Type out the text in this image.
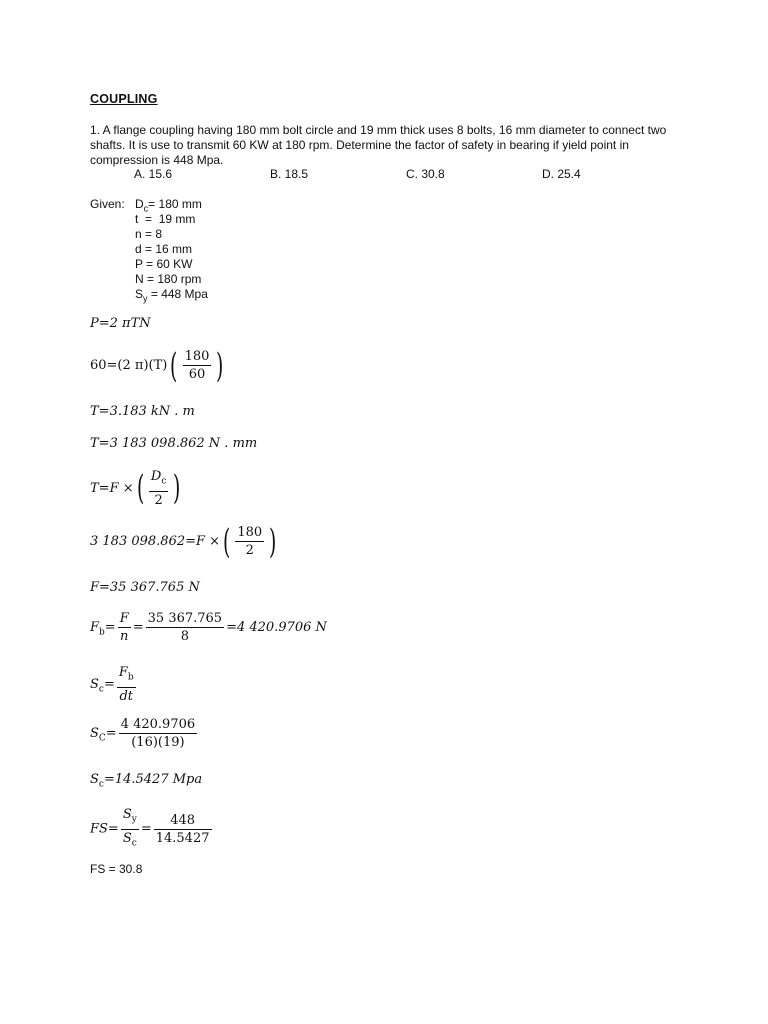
COUPLING
1. A flange coupling having 180 mm bolt circle and 19 mm thick uses 8 bolts, 16 mm diameter to connect two shafts. It is use to transmit 60 KW at 180 rpm. Determine the factor of safety in bearing if yield point in compression is 448 Mpa.
A. 15.6	B. 18.5	C. 30.8	D. 25.4
Given: $D_c= 180$ mm
t  =  19 mm
n = 8
d = 16 mm
P = 60 KW
N = 180 rpm
$S_y = 448$ Mpa
P=2 πTN
60=(2 $\pi)(T)( \frac{180}{60}$ )
T=3.183 kN . m
T=3 183 098.862 N . mm
T=F ×( $\frac{D_c}{2}$ )
3 183 098.862=F ×( $\frac{180}{2}$ )
F=35 367.765 N
$F_b= \frac{F}{n} = \frac{35 367.765}{8} =4$ 420.9706 N
$S_c= \frac{F_b}{dt}$
$S_C= \frac{4 420.9706}{(16)(19)}$
$S_c=14.5427$ Mpa
$FS= \frac{S_y}{S_c} = \frac{448}{14.5427}$
FS = 30.8
